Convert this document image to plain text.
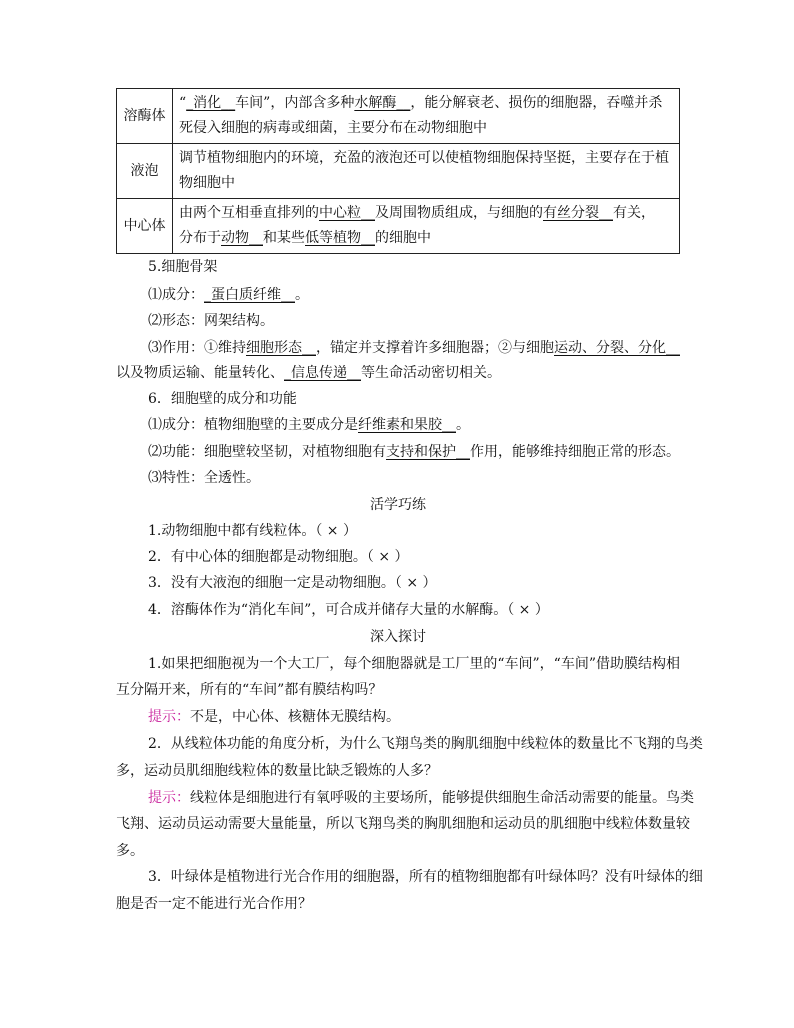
溶酶体	“_消化__车间”，内部含多种水解酶__，能分解衰老、损伤的细胞器，吞噬并杀
死侵入细胞的病毒或细菌，主要分布在动物细胞中

液泡	调节植物细胞内的环境，充盈的液泡还可以使植物细胞保持坚挺，主要存在于植
物细胞中

中心体	由两个互相垂直排列的中心粒__及周围物质组成，与细胞的有丝分裂__有关，
分布于动物__和某些低等植物__的细胞中
5.细胞骨架
⑴成分：_蛋白质纤维__。
⑵形态：网架结构。
⑶作用：①维持细胞形态__，锚定并支撑着许多细胞器；②与细胞运动、分裂、分化__
以及物质运输、能量转化、_信息传递__等生命活动密切相关。
6．细胞壁的成分和功能
⑴成分：植物细胞壁的主要成分是纤维素和果胶__。
⑵功能：细胞壁较坚韧，对植物细胞有支持和保护__作用，能够维持细胞正常的形态。
⑶特性：全透性。
活学巧练
1.动物细胞中都有线粒体。（ × ）
2．有中心体的细胞都是动物细胞。（ × ）
3．没有大液泡的细胞一定是动物细胞。（ × ）
4．溶酶体作为“消化车间”，可合成并储存大量的水解酶。（ × ）
深入探讨
1.如果把细胞视为一个大工厂，每个细胞器就是工厂里的“车间”，“车间”借助膜结构相
互分隔开来，所有的“车间”都有膜结构吗？
提示：不是，中心体、核糖体无膜结构。
2．从线粒体功能的角度分析，为什么飞翔鸟类的胸肌细胞中线粒体的数量比不飞翔的鸟类
多，运动员肌细胞线粒体的数量比缺乏锻炼的人多？
提示：线粒体是细胞进行有氧呼吸的主要场所，能够提供细胞生命活动需要的能量。鸟类
飞翔、运动员运动需要大量能量，所以飞翔鸟类的胸肌细胞和运动员的肌细胞中线粒体数量较
多。
3．叶绿体是植物进行光合作用的细胞器，所有的植物细胞都有叶绿体吗？没有叶绿体的细
胞是否一定不能进行光合作用？
